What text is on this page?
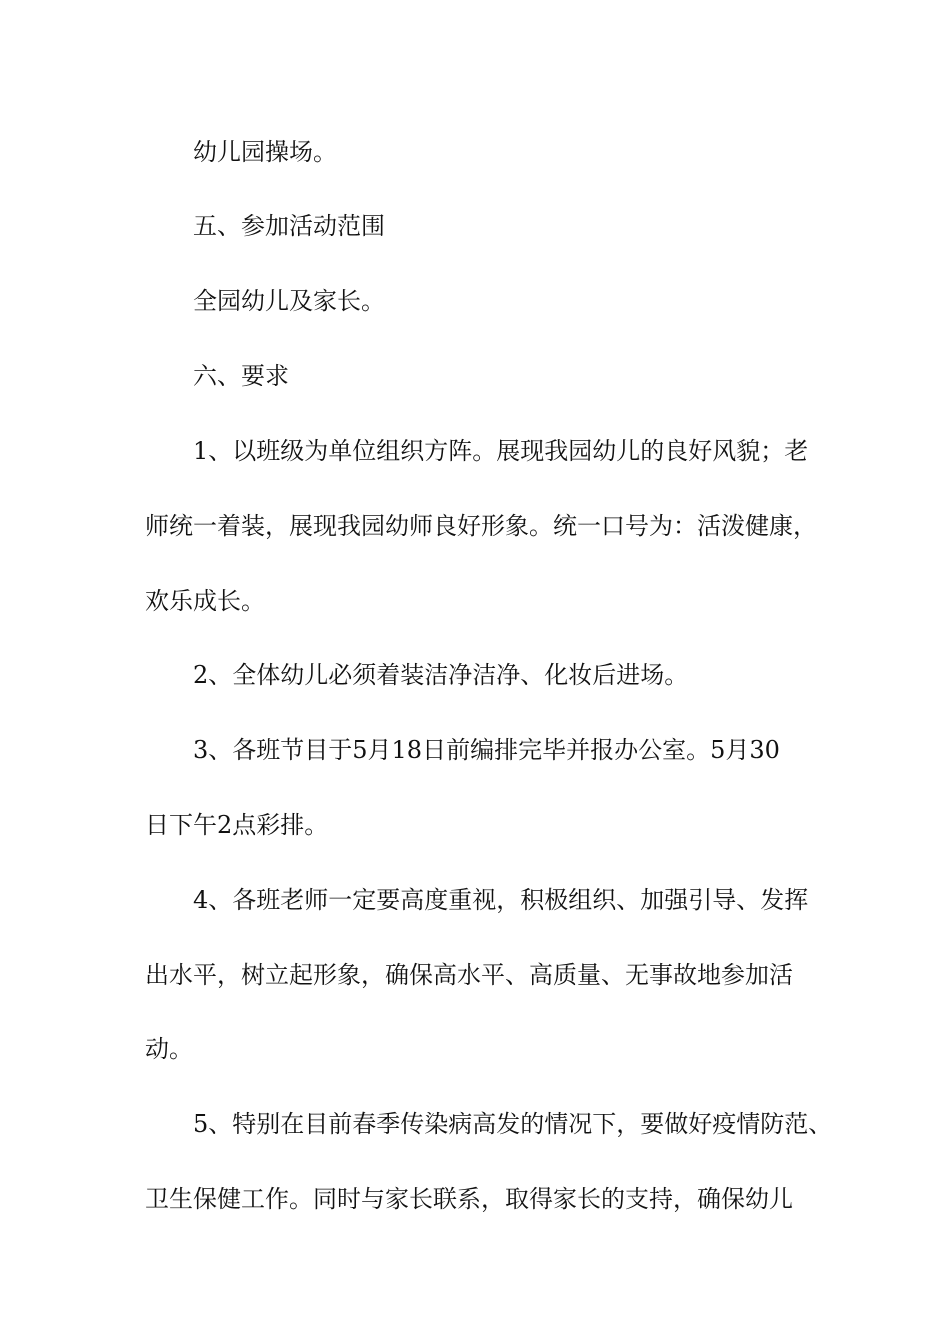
幼儿园操场。

五、参加活动范围

全园幼儿及家长。

六、要求

1、以班级为单位组织方阵。展现我园幼儿的良好风貌；老

师统一着装，展现我园幼师良好形象。统一口号为：活泼健康，

欢乐成长。

2、全体幼儿必须着装洁净洁净、化妆后进场。

3、各班节目于5月18日前编排完毕并报办公室。5月30

日下午2点彩排。

4、各班老师一定要高度重视，积极组织、加强引导、发挥

出水平，树立起形象，确保高水平、高质量、无事故地参加活

动。

5、特别在目前春季传染病高发的情况下，要做好疫情防范、

卫生保健工作。同时与家长联系，取得家长的支持，确保幼儿
